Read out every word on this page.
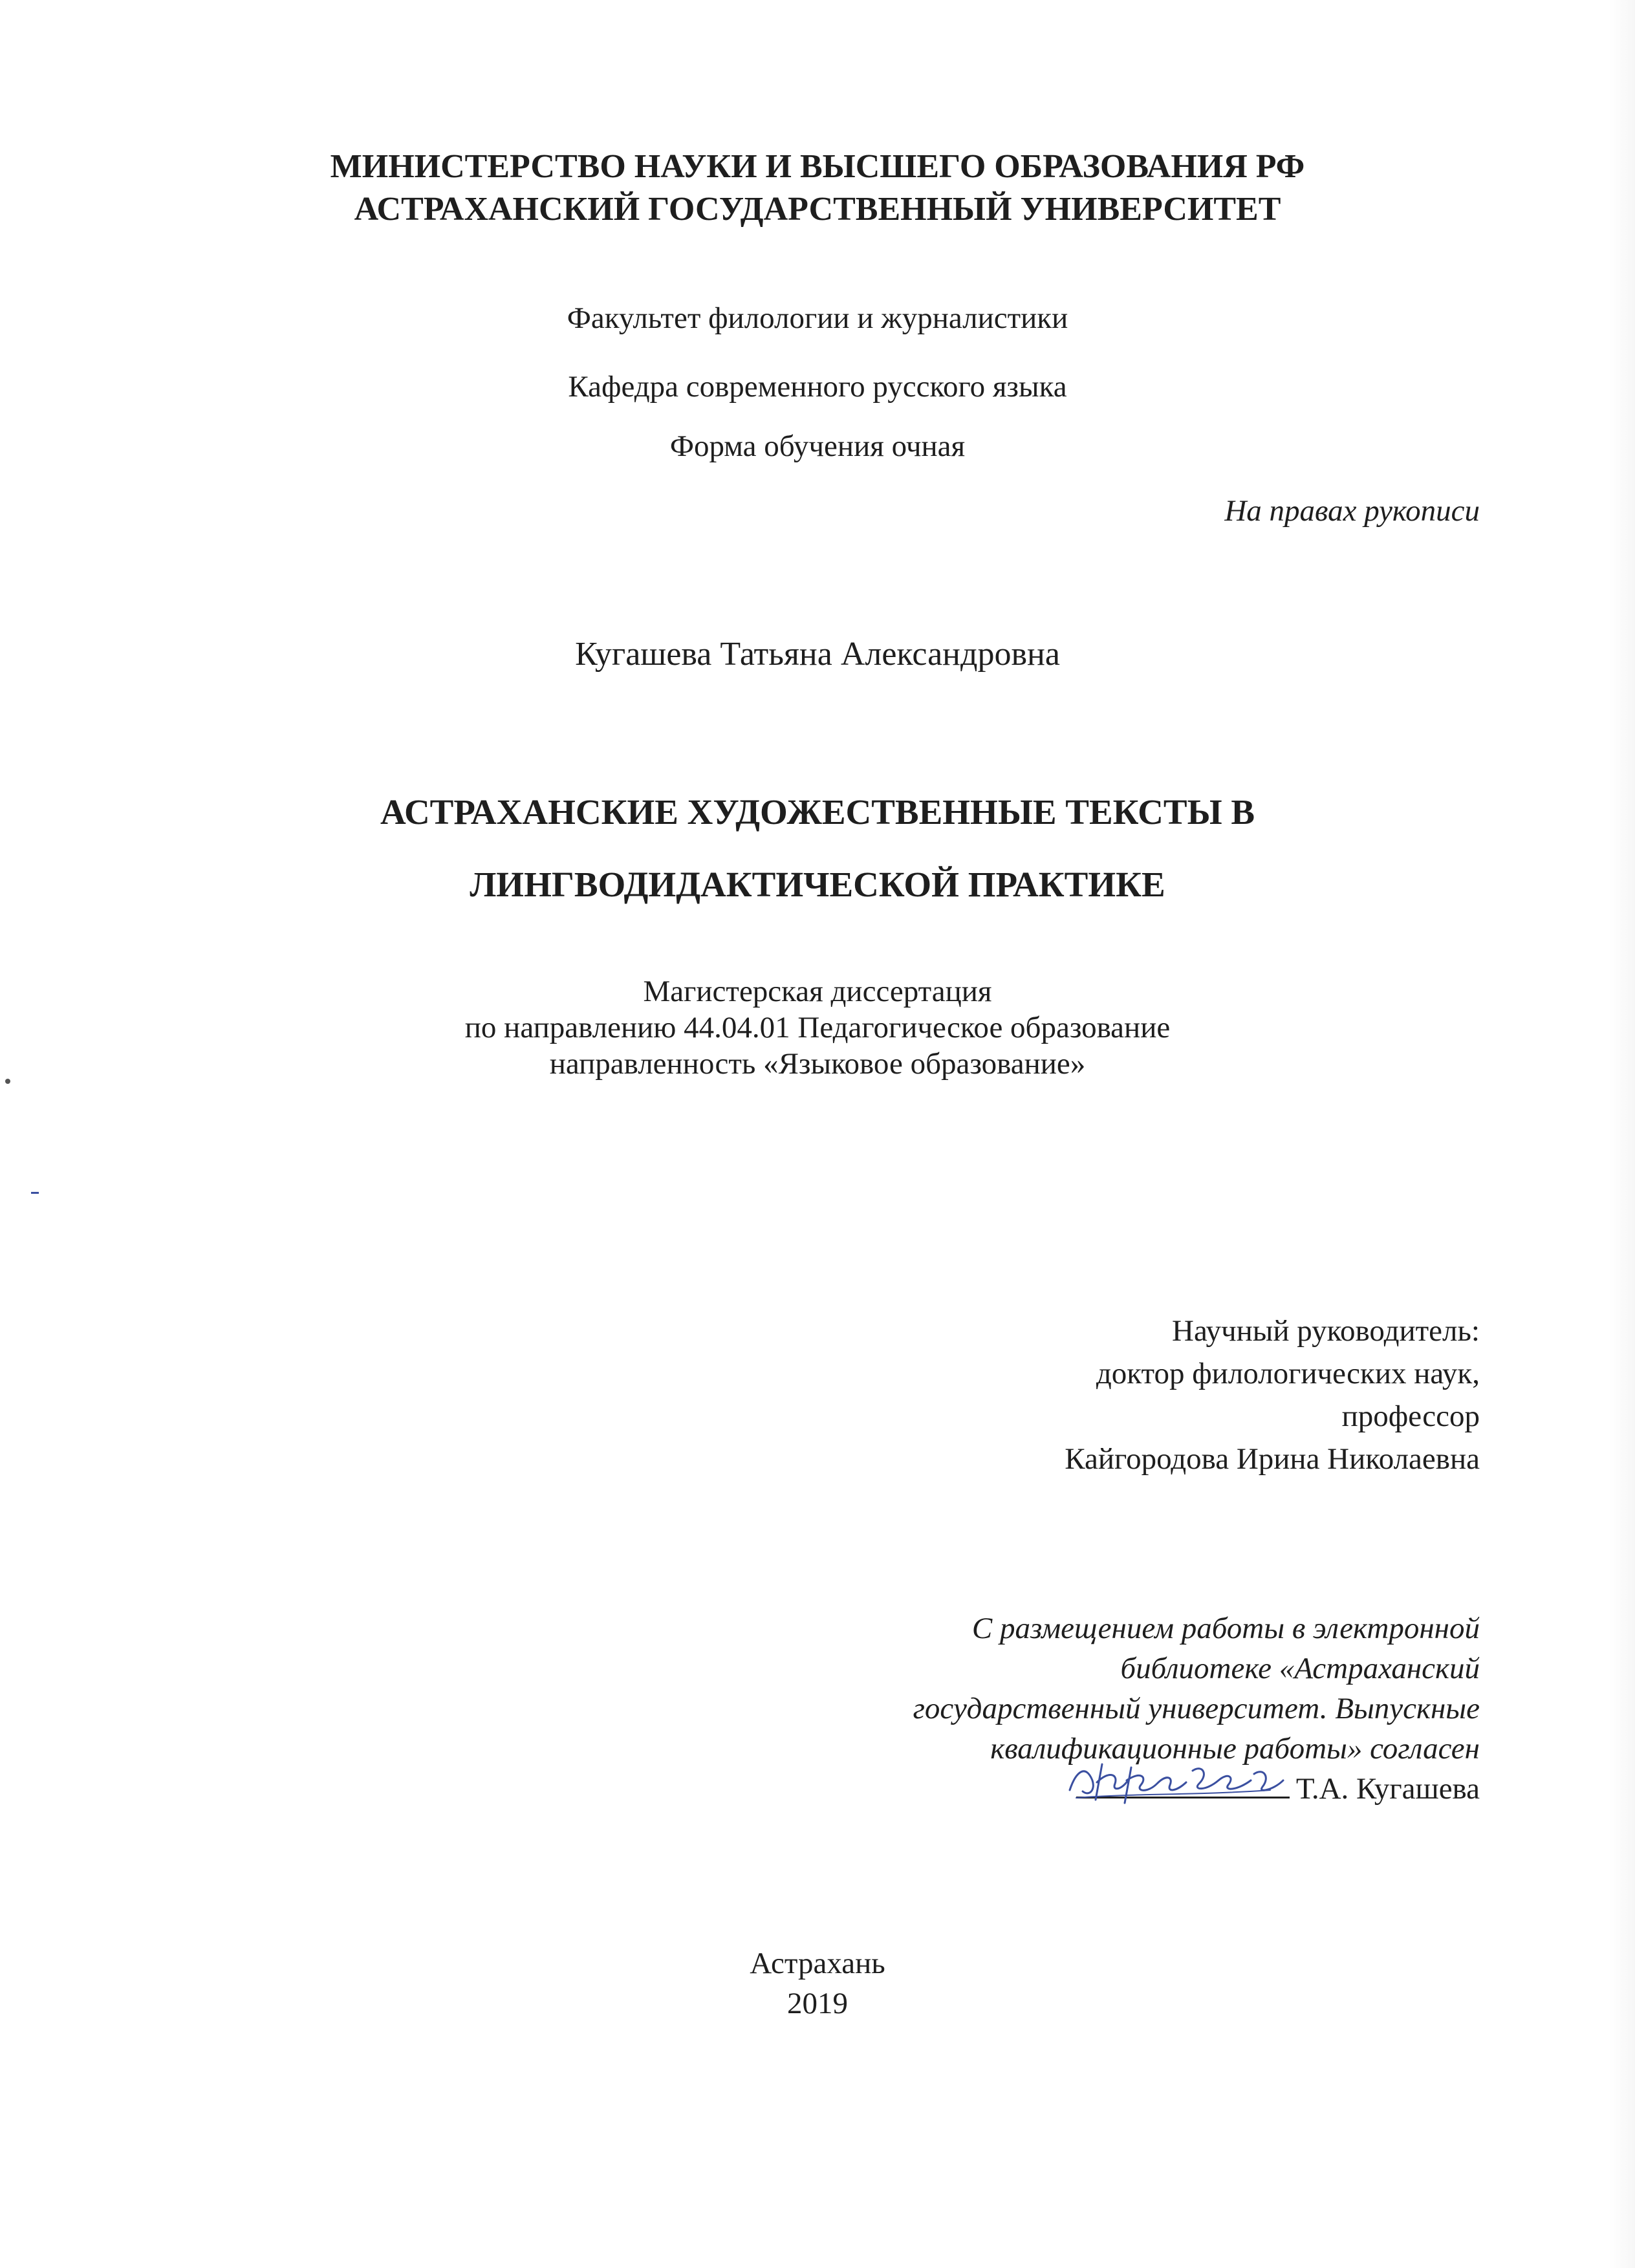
МИНИСТЕРСТВО НАУКИ И ВЫСШЕГО ОБРАЗОВАНИЯ РФ
АСТРАХАНСКИЙ ГОСУДАРСТВЕННЫЙ УНИВЕРСИТЕТ
Факультет филологии и журналистики
Кафедра современного русского языка
Форма обучения очная
На правах рукописи
Кугашева Татьяна Александровна
АСТРАХАНСКИЕ ХУДОЖЕСТВЕННЫЕ ТЕКСТЫ В
ЛИНГВОДИДАКТИЧЕСКОЙ ПРАКТИКЕ
Магистерская диссертация
по направлению 44.04.01 Педагогическое образование
направленность «Языковое образование»
Научный руководитель:
доктор филологических наук,
профессор
Кайгородова Ирина Николаевна
С размещением работы в электронной
библиотеке «Астраханский
государственный университет. Выпускные
квалификационные работы» согласен
Т.А. Кугашева
Астрахань
2019
